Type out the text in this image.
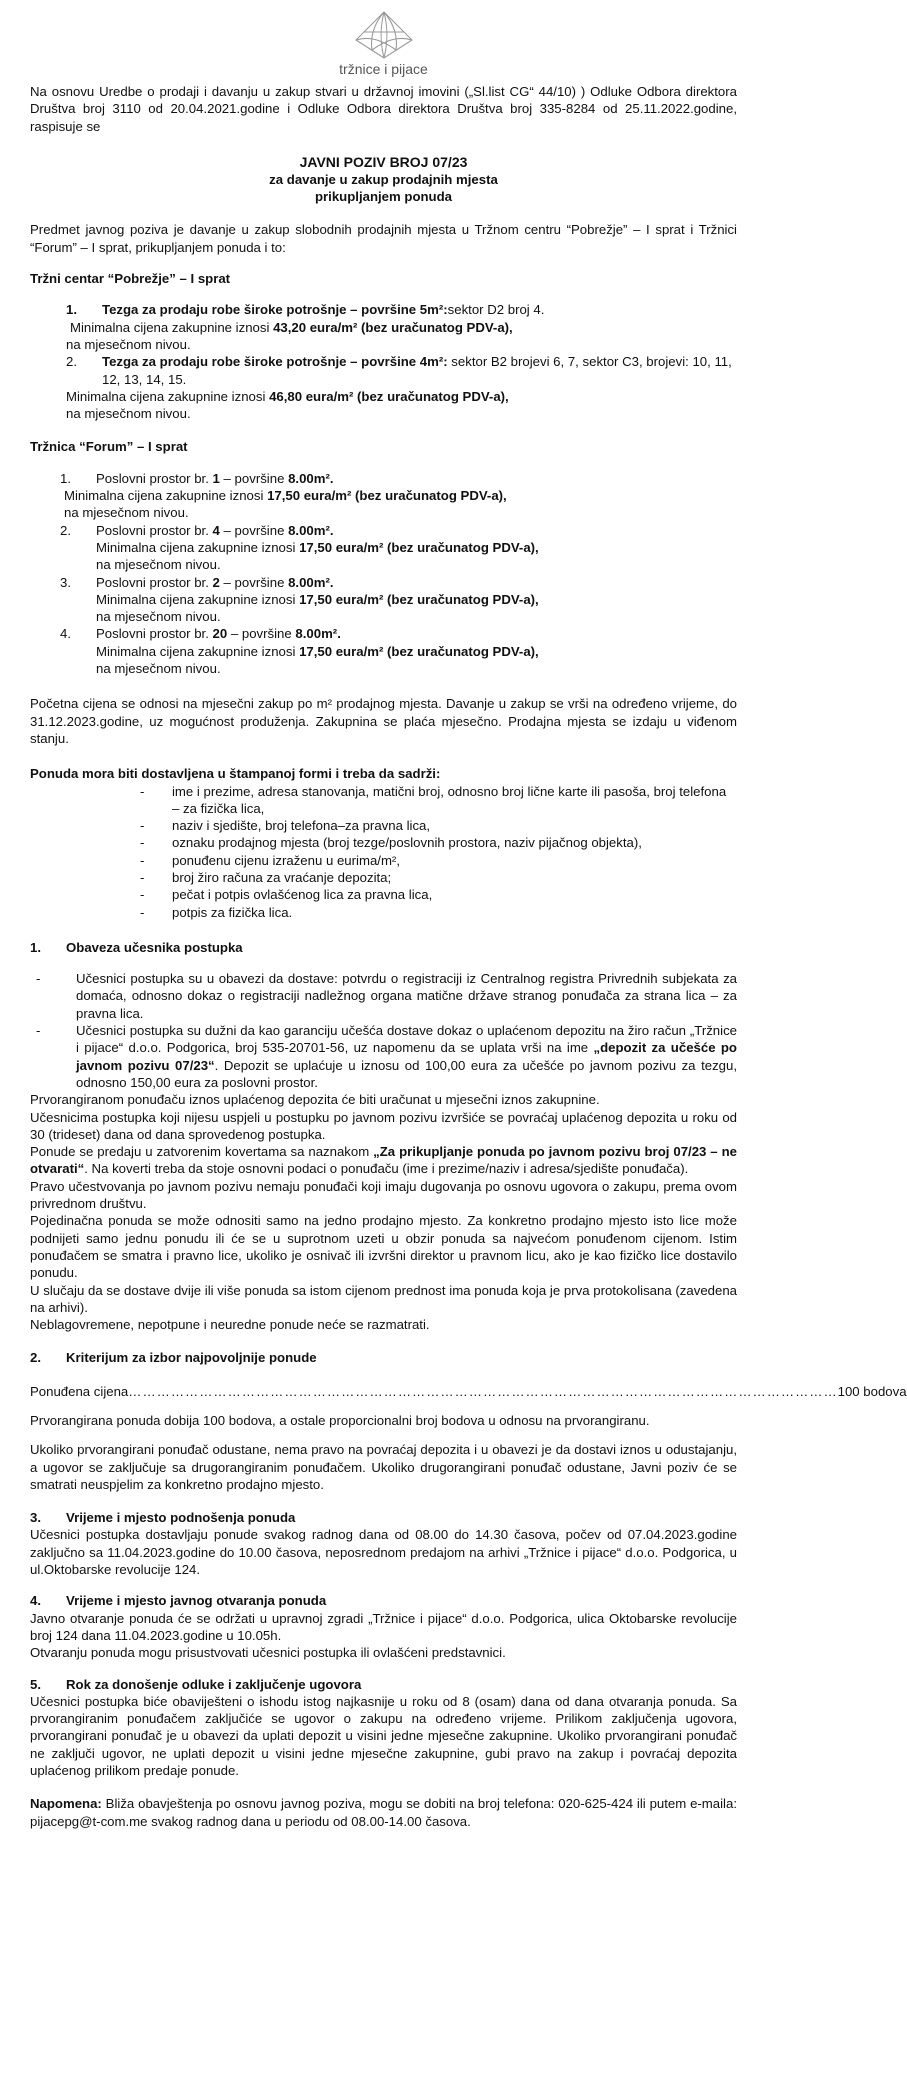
tržnice i pijace

Na osnovu Uredbe o prodaji i davanju u zakup stvari u državnoj imovini („Sl.list CG“ 44/10) ) Odluke Odbora direktora Društva broj 3110 od 20.04.2021.godine i Odluke Odbora direktora Društva broj 335-8284 od 25.11.2022.godine, raspisuje se

JAVNI POZIV BROJ 07/23

za davanje u zakup prodajnih mjesta

prikupljanjem ponuda

Predmet javnog poziva je davanje u zakup slobodnih prodajnih mjesta u Tržnom centru “Pobrežje” – I sprat i Tržnici “Forum” – I sprat, prikupljanjem ponuda i to:

Tržni centar “Pobrežje” – I sprat

1.	Tezga za prodaju robe široke potrošnje – površine 5m²:sektor D2 broj 4.

Minimalna cijena zakupnine iznosi 43,20 eura/m² (bez uračunatog PDV-a),

na mjesečnom nivou.

2.	Tezga za prodaju robe široke potrošnje – površine 4m²: sektor B2 brojevi 6, 7, sektor C3, brojevi: 10, 11, 12, 13, 14, 15.

Minimalna cijena zakupnine iznosi 46,80 eura/m² (bez uračunatog PDV-a),

na mjesečnom nivou.

Tržnica “Forum” – I sprat

1.	Poslovni prostor br. 1 – površine 8.00m².

Minimalna cijena zakupnine iznosi 17,50 eura/m² (bez uračunatog PDV-a),

na mjesečnom nivou.

2.	Poslovni prostor br. 4 – površine 8.00m².

Minimalna cijena zakupnine iznosi 17,50 eura/m² (bez uračunatog PDV-a),

na mjesečnom nivou.

3.	Poslovni prostor br. 2 – površine 8.00m².

Minimalna cijena zakupnine iznosi 17,50 eura/m² (bez uračunatog PDV-a),

na mjesečnom nivou.

4.	Poslovni prostor br. 20 – površine 8.00m².

Minimalna cijena zakupnine iznosi 17,50 eura/m² (bez uračunatog PDV-a),

na mjesečnom nivou.

Početna cijena se odnosi na mjesečni zakup po m² prodajnog mjesta. Davanje u zakup se vrši na određeno vrijeme, do 31.12.2023.godine, uz mogućnost produženja. Zakupnina se plaća mjesečno. Prodajna mjesta se izdaju u viđenom stanju.

Ponuda mora biti dostavljena u štampanoj formi i treba da sadrži:

-	ime i prezime, adresa stanovanja, matični broj, odnosno broj lične karte ili pasoša, broj telefona – za fizička lica,
-	naziv i sjedište, broj telefona–za pravna lica,
-	oznaku prodajnog mjesta (broj tezge/poslovnih prostora, naziv pijačnog objekta),
-	ponuđenu cijenu izraženu u eurima/m²,
-	broj žiro računa za vraćanje depozita;
-	pečat i potpis ovlašćenog lica za pravna lica,
-	potpis za fizička lica.
1.	Obaveza učesnika postupka
-	Učesnici postupka su u obavezi da dostave: potvrdu o registraciji iz Centralnog registra Privrednih subjekata za domaća, odnosno dokaz o registraciji nadležnog organa matične države stranog ponuđača za strana lica – za pravna lica.
-	Učesnici postupka su dužni da kao garanciju učešća dostave dokaz o uplaćenom depozitu na žiro račun „Tržnice i pijace“ d.o.o. Podgorica, broj 535-20701-56, uz napomenu da se uplata vrši na ime „depozit za učešće po javnom pozivu 07/23“. Depozit se uplaćuje u iznosu od 100,00 eura za učešće po javnom pozivu za tezgu, odnosno 150,00 eura za poslovni prostor.

Prvorangiranom ponuđaču iznos uplaćenog depozita će biti uračunat u mjesečni iznos zakupnine.

Učesnicima postupka koji nijesu uspjeli u postupku po javnom pozivu izvršiće se povraćaj uplaćenog depozita u roku od 30 (trideset) dana od dana sprovedenog postupka.

Ponude se predaju u zatvorenim kovertama sa naznakom „Za prikupljanje ponuda po javnom pozivu broj 07/23 – ne otvarati“. Na koverti treba da stoje osnovni podaci o ponuđaču (ime i prezime/naziv i adresa/sjedište ponuđača).

Pravo učestvovanja po javnom pozivu nemaju ponuđači koji imaju dugovanja po osnovu ugovora o zakupu, prema ovom privrednom društvu.

Pojedinačna ponuda se može odnositi samo na jedno prodajno mjesto. Za konkretno prodajno mjesto isto lice može podnijeti samo jednu ponudu ili će se u suprotnom uzeti u obzir ponuda sa najvećom ponuđenom cijenom. Istim ponuđačem se smatra i pravno lice, ukoliko je osnivač ili izvršni direktor u pravnom licu, ako je kao fizičko lice dostavilo ponudu.

U slučaju da se dostave dvije ili više ponuda sa istom cijenom prednost ima ponuda koja je prva protokolisana (zavedena na arhivi).

Neblagovremene, nepotpune i neuredne ponude neće se razmatrati.

2.	Kriterijum za izbor najpovoljnije ponude
Ponuđena cijena …………………………………………………………………………………………………………………………………… 100 bodova

Prvorangirana ponuda dobija 100 bodova, a ostale proporcionalni broj bodova u odnosu na prvorangiranu.

Ukoliko prvorangirani ponuđač odustane, nema pravo na povraćaj depozita i u obavezi je da dostavi iznos u odustajanju, a ugovor se zaključuje sa drugorangiranim ponuđačem. Ukoliko drugorangirani ponuđač odustane, Javni poziv će se smatrati neuspjelim za konkretno prodajno mjesto.

3.	Vrijeme i mjesto podnošenja ponuda

Učesnici postupka dostavljaju ponude svakog radnog dana od 08.00 do 14.30 časova, počev od 07.04.2023.godine zaključno sa 11.04.2023.godine do 10.00 časova, neposrednom predajom na arhivi „Tržnice i pijace“ d.o.o. Podgorica, u ul.Oktobarske revolucije 124.

4.	Vrijeme i mjesto javnog otvaranja ponuda

Javno otvaranje ponuda će se održati u upravnoj zgradi „Tržnice i pijace“ d.o.o. Podgorica, ulica Oktobarske revolucije broj 124 dana 11.04.2023.godine u 10.05h.

Otvaranju ponuda mogu prisustvovati učesnici postupka ili ovlašćeni predstavnici.

5.	Rok za donošenje odluke i zaključenje ugovora

Učesnici postupka biće obaviješteni o ishodu istog najkasnije u roku od 8 (osam) dana od dana otvaranja ponuda. Sa prvorangiranim ponuđačem zaključiće se ugovor o zakupu na određeno vrijeme. Prilikom zaključenja ugovora, prvorangirani ponuđač je u obavezi da uplati depozit u visini jedne mjesečne zakupnine. Ukoliko prvorangirani ponuđač ne zaključi ugovor, ne uplati depozit u visini jedne mjesečne zakupnine, gubi pravo na zakup i povraćaj depozita uplaćenog prilikom predaje ponude.

Napomena: Bliža obavještenja po osnovu javnog poziva, mogu se dobiti na broj telefona: 020-625-424 ili putem e-maila: pijacepg@t-com.me svakog radnog dana u periodu od 08.00-14.00 časova.
